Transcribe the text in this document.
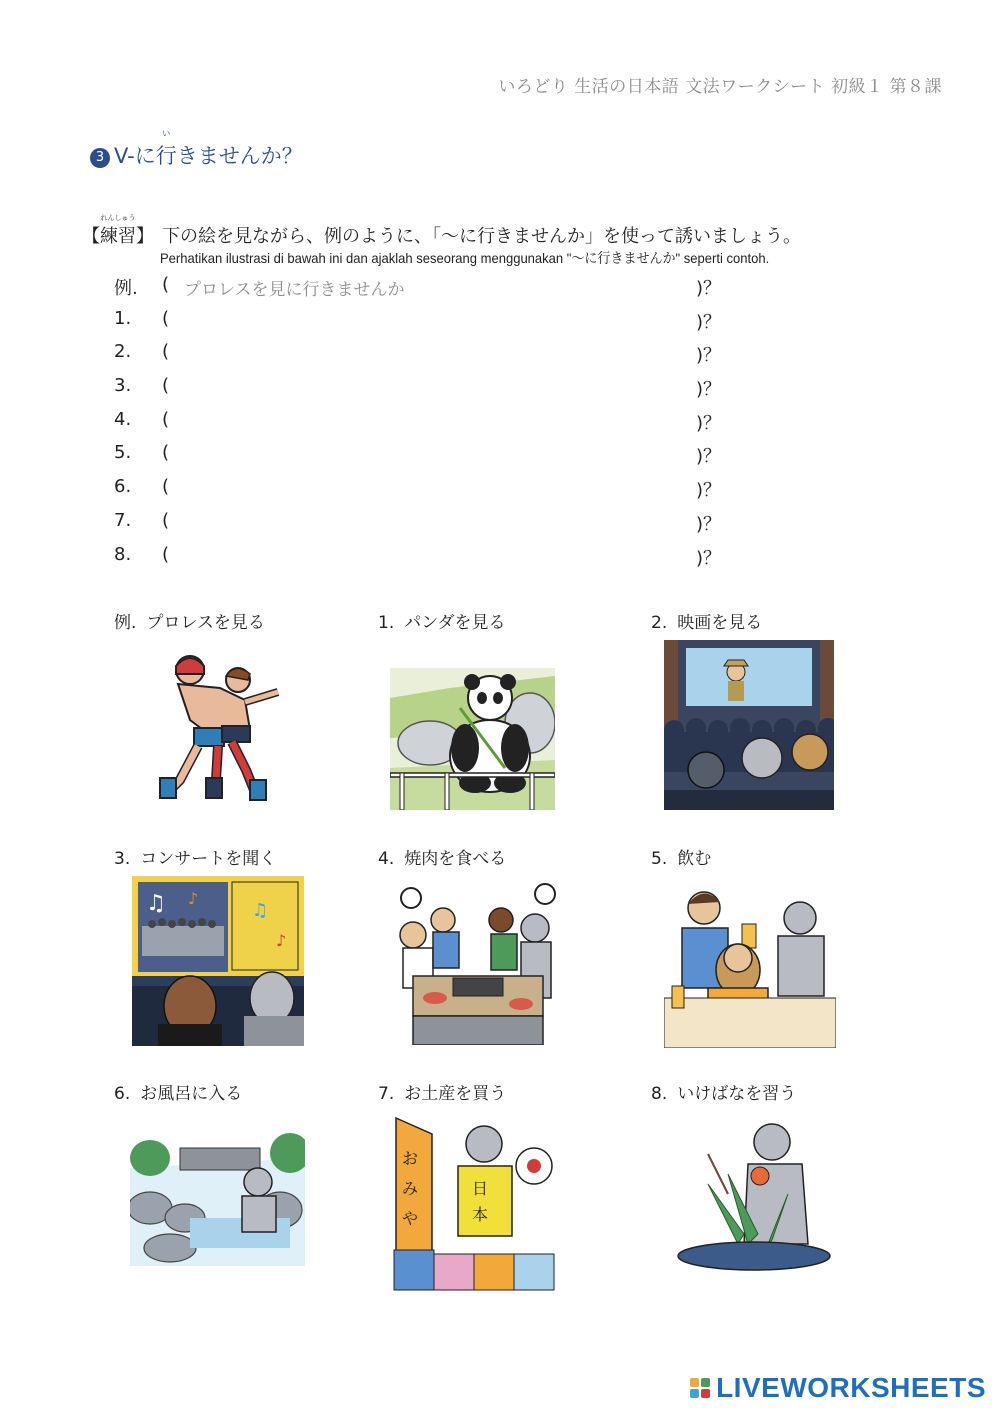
いろどり 生活の日本語 文法ワークシート 初級１ 第８課
3 V-に
い
行 きませんか？
れんしゅう
【練習】 下の絵を見ながら、例のように、「～に行きませんか」を使って誘いましょう。
Perhatikan ilustrasi di bawah ini dan ajaklah seseorang menggunakan "～に行きませんか" seperti contoh.
例. ( プロレスを見に行きませんか	)？
1. (	)？
2. (	)？
3. (	)？
4. (	)？
5. (	)？
6. (	)？
7. (	)？
8. (	)？
例. プロレスを見る	1. パンダを見る	2. 映画を見る
3. コンサートを聞く	4. 焼肉を食べる	5. 飲む
6. お風呂に入る	7. お土産を買う	8. いけばなを習う
♫ ♪
♫
♪
お
み
や
日
本
LIVEWORKSHEETS
